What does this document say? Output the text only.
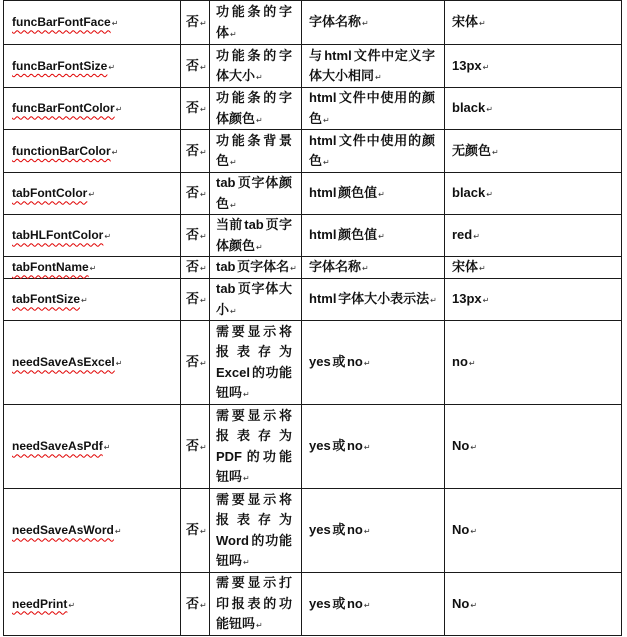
funcBarFontFace	否	功能条的字体	字体名称	宋体
funcBarFontSize	否	功能条的字体大小	与html文件中定义字体大小相同	13px
funcBarFontColor	否	功能条的字体颜色	html文件中使用的颜色	black
functionBarColor	否	功能条背景色	html文件中使用的颜色	无颜色
tabFontColor	否	tab页字体颜色	html颜色值	black
tabHLFontColor	否	当前tab页字体颜色	html颜色值	red
tabFontName	否	tab页字体名	字体名称	宋体
tabFontSize	否	tab页字体大小	html字体大小表示法	13px
needSaveAsExcel	否	需要显示将报表存为Excel的功能钮吗	yes或no	no
needSaveAsPdf	否	需要显示将报表存为PDF的功能钮吗	yes或no	No
needSaveAsWord	否	需要显示将报表存为Word的功能钮吗	yes或no	No
needPrint	否	需要显示打印报表的功能钮吗	yes或no	No
